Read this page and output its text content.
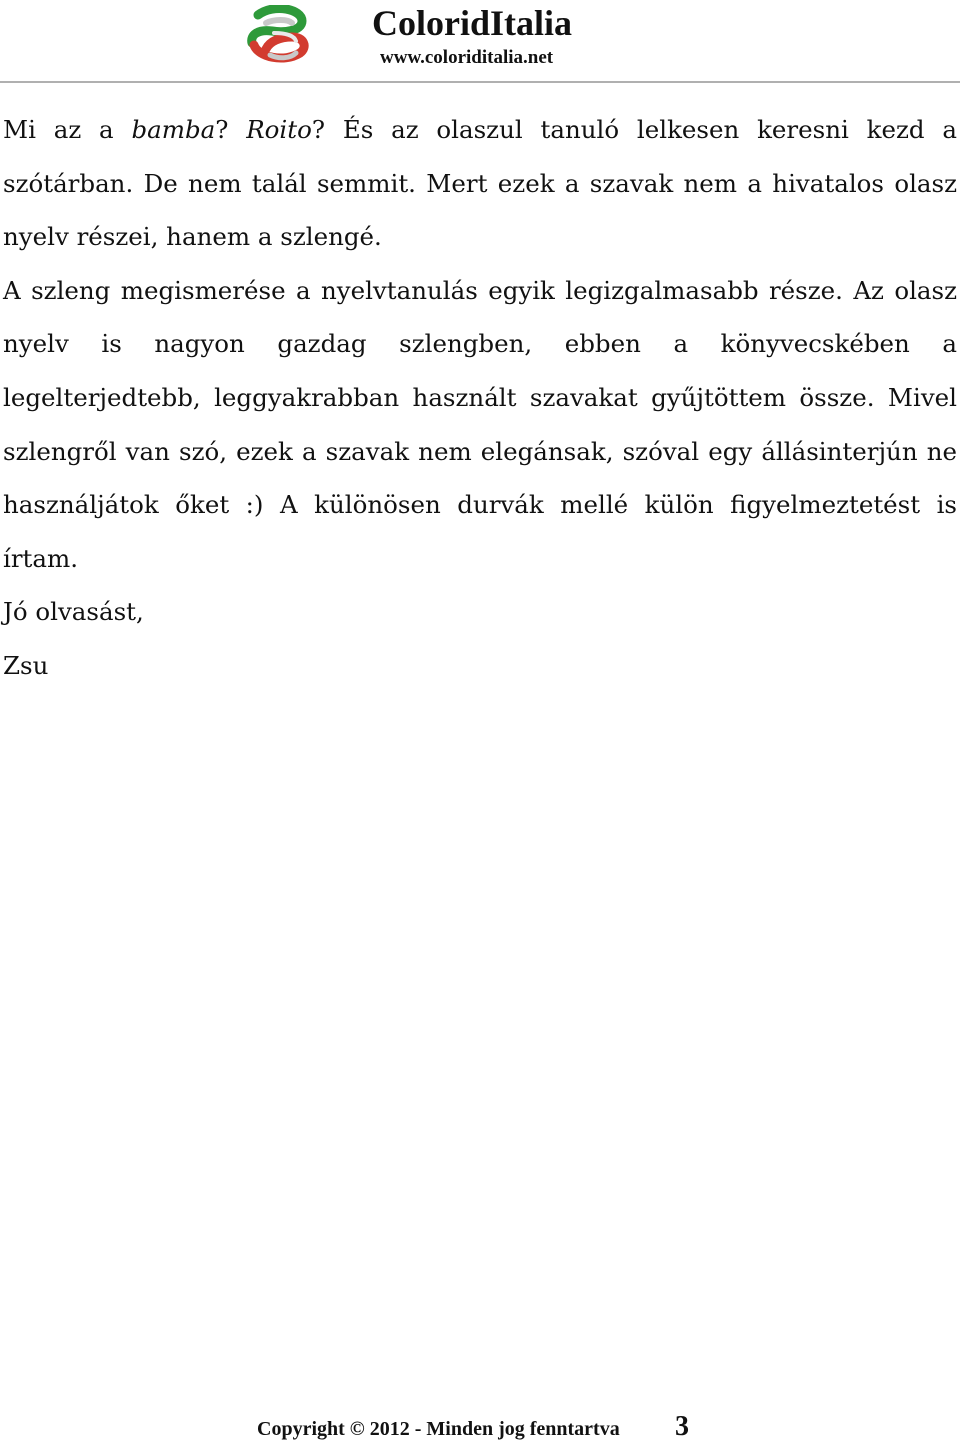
ColoridItalia
www.coloriditalia.net

Mi az a bamba? Roito? És az olaszul tanuló lelkesen keresni kezd a szótárban. De nem talál semmit. Mert ezek a szavak nem a hivatalos olasz nyelv részei, hanem a szlengé.

A szleng megismerése a nyelvtanulás egyik legizgalmasabb része. Az olasz nyelv is nagyon gazdag szlengben, ebben a könyvecskében a legelterjedtebb, leggyakrabban használt szavakat gyűjtöttem össze. Mivel szlengről van szó, ezek a szavak nem elegánsak, szóval egy állásinterjún ne használjátok őket :) A különösen durvák mellé külön figyelmeztetést is írtam.

Jó olvasást,

Zsu

Copyright © 2012 - Minden jog fenntartva 3
